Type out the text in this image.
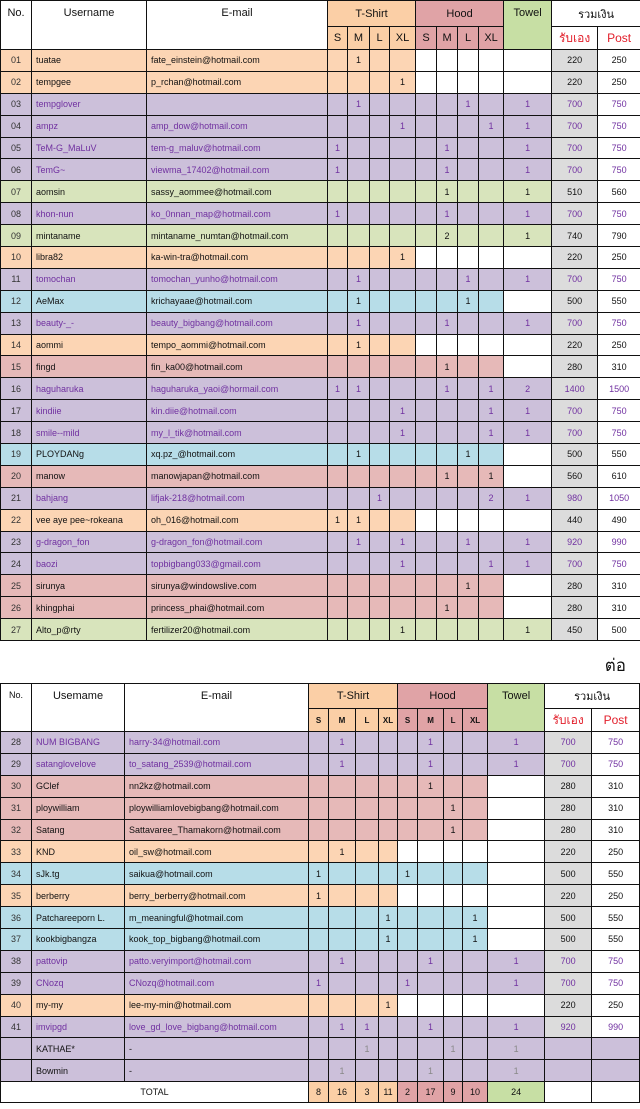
No.	Username	E-mail	T-Shirt				Hood				Towel	รวมเงิน	
			S	M	L	XL	S	M	L	XL		รับเอง	Post
01	tuatae	fate_einstein@hotmail.com		1								220	250
02	tempgee	p_rchan@hotmail.com				1						220	250
03	tempglover			1					1		1	700	750
04	ampz	amp_dow@hotmail.com				1				1	1	700	750
05	TeM-G_MaLuV	tem-g_maluv@hotmail.com	1					1			1	700	750
06	TemG~	viewma_17402@hotmail.com	1					1			1	700	750
07	aomsin	sassy_aommee@hotmail.com						1			1	510	560
08	khon-nun	ko_0nnan_map@hotmail.com	1					1			1	700	750
09	mintaname	mintaname_numtan@hotmail.com						2			1	740	790
10	libra82	ka-win-tra@hotmail.com				1						220	250
11	tomochan	tomochan_yunho@hotmail.com		1					1		1	700	750
12	AeMax	krichayaae@hotmail.com		1					1			500	550
13	beauty-_-	beauty_bigbang@hotmail.com		1				1			1	700	750
14	aommi	tempo_aommi@hotmail.com		1								220	250
15	fingd	fin_ka00@hotmail.com						1				280	310
16	haguharuka	haguharuka_yaoi@hormail.com	1	1				1		1	2	1400	1500
17	kindiie	kin.diie@hotmail.com				1				1	1	700	750
18	smile--mild	my_l_tik@hotmail.com				1				1	1	700	750
19	PLOYDANg	xq.pz_@hotmail.com		1					1			500	550
20	manow	manowjapan@hotmail.com						1		1		560	610
21	bahjang	lifjak-218@hotmail.com			1					2	1	980	1050
22	vee aye pee~rokeana	oh_016@hotmail.com	1	1								440	490
23	g-dragon_fon	g-dragon_fon@hotmail.com		1		1			1		1	920	990
24	baozi	topbigbang033@gmail.com				1				1	1	700	750
25	sirunya	sirunya@windowslive.com							1			280	310
26	khingphai	princess_phai@hotmail.com						1				280	310
27	Alto_p@rty	fertilizer20@hotmail.com				1					1	450	500
ต่อ
No.	Usemame	E-mail	T-Shirt				Hood				Towel	รวมเงิน	
			S	M	L	XL	S	M	L	XL		รับเอง	Post
28	NUM BIGBANG	harry-34@hotmail.com		1				1			1	700	750
29	satanglovelove	to_satang_2539@hotmail.com		1				1			1	700	750
30	GClef	nn2kz@hotmail.com						1				280	310
31	ploywilliam	ploywilliamlovebigbang@hotmail.com							1			280	310
32	Satang	Sattavaree_Thamakorn@hotmail.com							1			280	310
33	KND	oil_sw@hotmail.com		1								220	250
34	sJk.tg	saikua@hotmail.com	1				1					500	550
35	berberry	berry_berberry@hotmail.com	1									220	250
36	Patchareeporn L.	m_meaningful@hotmail.com				1				1		500	550
37	kookbigbangza	kook_top_bigbang@hotmail.com				1				1		500	550
38	pattovip	patto.veryimport@hotmail.com		1				1			1	700	750
39	CNozq	CNozq@hotmail.com	1				1				1	700	750
40	my-my	lee-my-min@hotmail.com				1						220	250
41	imvipgd	love_gd_love_bigbang@hotmail.com		1	1			1			1	920	990
	KATHAE*	-			1				1		1		
	Bowmin	-		1				1			1		
TOTAL			8	16	3	11	2	17	9	10	24		
